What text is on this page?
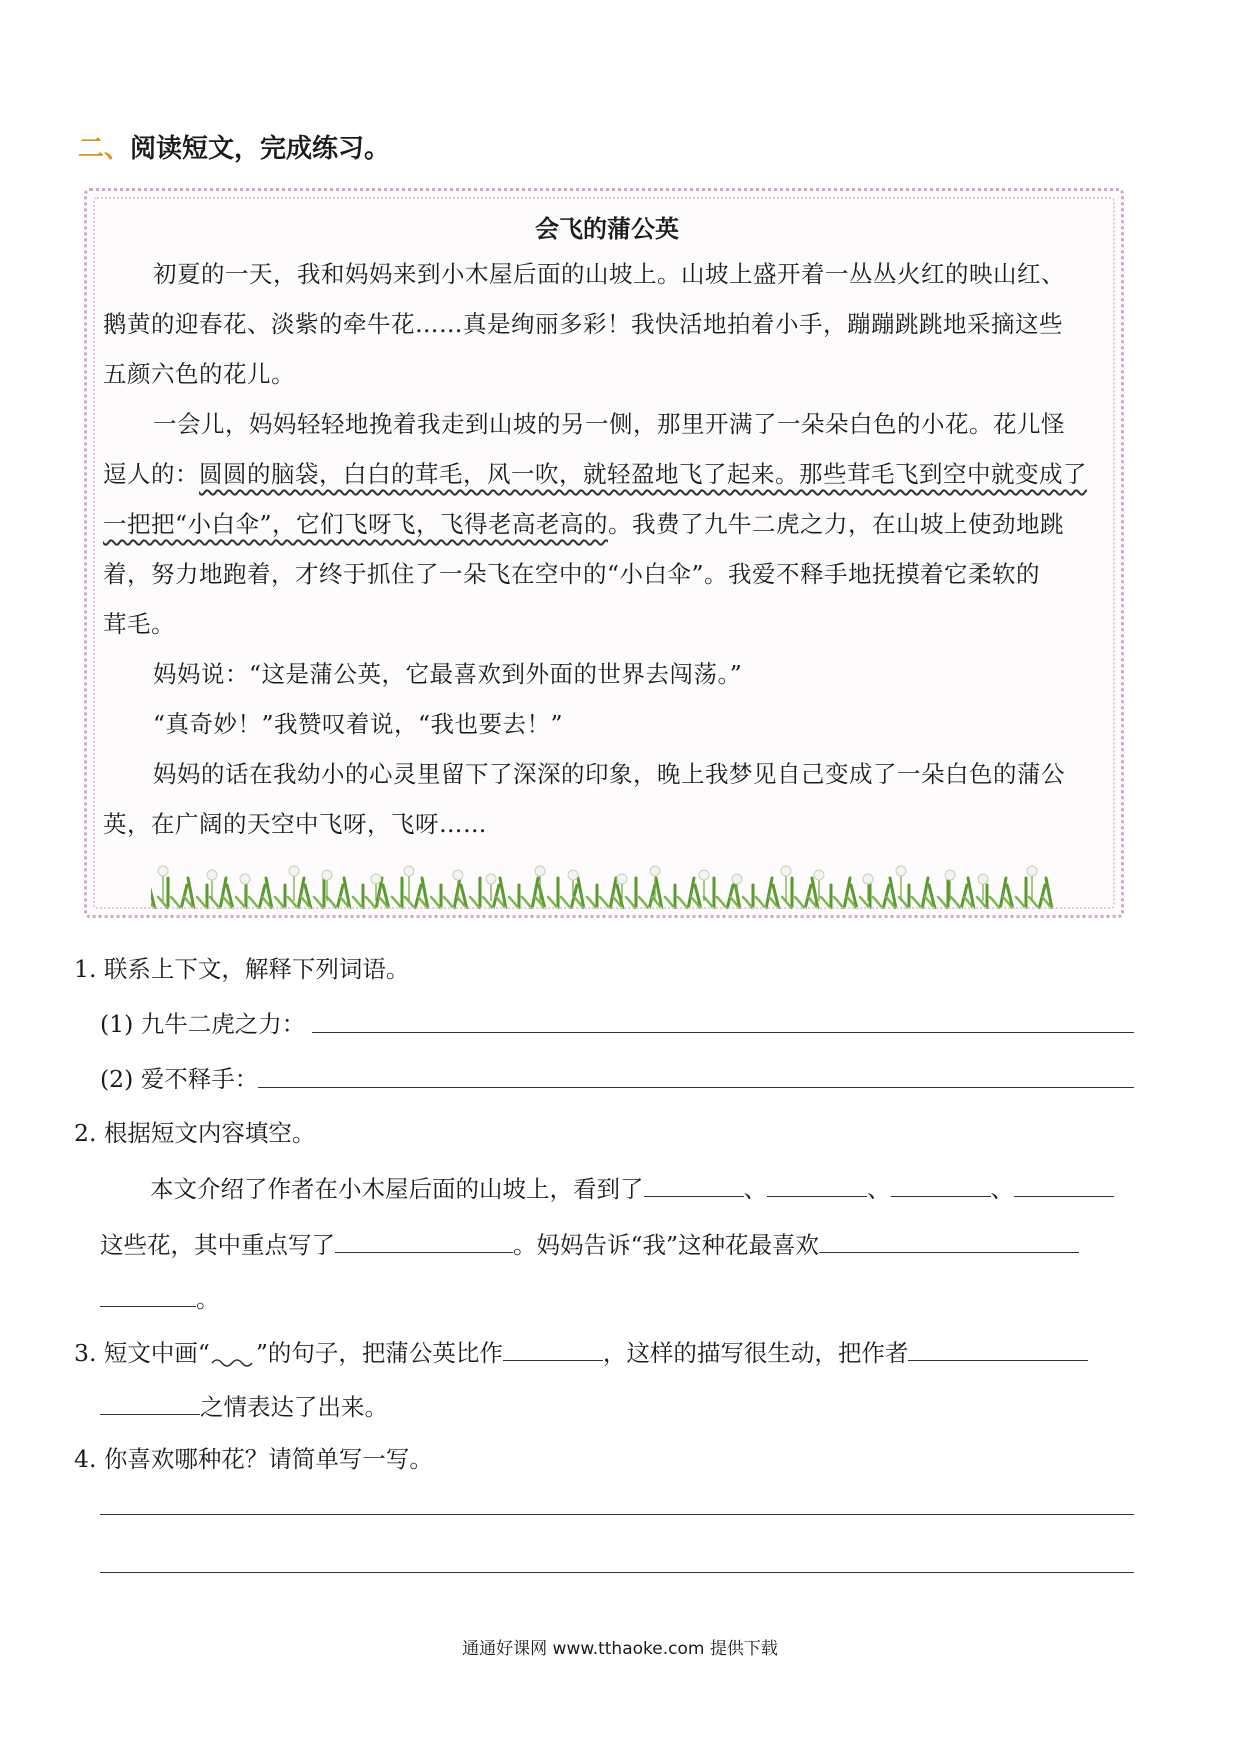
二、阅读短文，完成练习。
会飞的蒲公英
初夏的一天，我和妈妈来到小木屋后面的山坡上。山坡上盛开着一丛丛火红的映山红、
鹅黄的迎春花、淡紫的牵牛花……真是绚丽多彩！我快活地拍着小手，蹦蹦跳跳地采摘这些
五颜六色的花儿。
一会儿，妈妈轻轻地挽着我走到山坡的另一侧，那里开满了一朵朵白色的小花。花儿怪
逗人的：圆圆的脑袋，白白的茸毛，风一吹，就轻盈地飞了起来。那些茸毛飞到空中就变成了
一把把“小白伞”，它们飞呀飞，飞得老高老高的。我费了九牛二虎之力，在山坡上使劲地跳
着，努力地跑着，才终于抓住了一朵飞在空中的“小白伞”。我爱不释手地抚摸着它柔软的
茸毛。
妈妈说：“这是蒲公英，它最喜欢到外面的世界去闯荡。”
“真奇妙！”我赞叹着说，“我也要去！”
妈妈的话在我幼小的心灵里留下了深深的印象，晚上我梦见自己变成了一朵白色的蒲公
英，在广阔的天空中飞呀，飞呀……
1. 联系上下文，解释下列词语。
(1) 九牛二虎之力：
(2) 爱不释手：
2. 根据短文内容填空。
本文介绍了作者在小木屋后面的山坡上，看到了	、	、	、
这些花，其中重点写了	。妈妈告诉“我”这种花最喜欢
。
3. 短文中画“ ”的句子，把蒲公英比作	，这样的描写很生动，把作者
之情表达了出来。
4. 你喜欢哪种花？请简单写一写。
通通好课网 www.tthaoke.com 提供下载
